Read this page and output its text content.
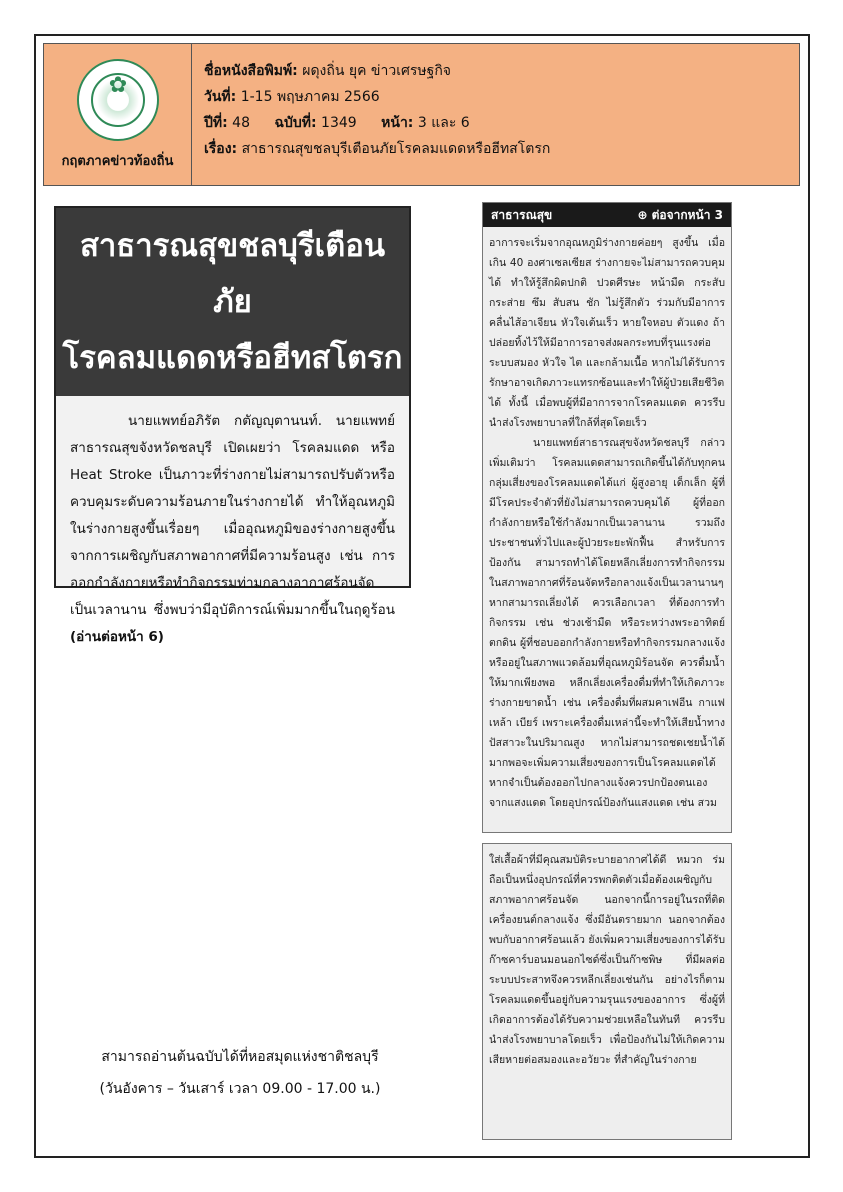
✿
กฤตภาคข่าวท้องถิ่น
ชื่อหนังสือพิมพ์: ผดุงถิ่น ยุค ข่าวเศรษฐกิจ
วันที่: 1-15 พฤษภาคม 2566
ปีที่: 48 ฉบับที่: 1349 หน้า: 3 และ 6
เรื่อง: สาธารณสุขชลบุรีเตือนภัยโรคลมแดดหรือฮีทสโตรก
สาธารณสุขชลบุรีเตือนภัย
โรคลมแดดหรือฮีทสโตรก
นายแพทย์อภิรัต กตัญญุตานนท์. นายแพทย์สาธารณสุขจังหวัดชลบุรี เปิดเผยว่า โรคลมแดด หรือ Heat Stroke เป็นภาวะที่ร่างกายไม่สามารถปรับตัวหรือควบคุมระดับความร้อนภายในร่างกายได้ ทำให้อุณหภูมิในร่างกายสูงขึ้นเรื่อยๆ เมื่ออุณหภูมิของร่างกายสูงขึ้นจากการเผชิญกับสภาพอากาศที่มีความร้อนสูง เช่น การออกกำลังกายหรือทำกิจกรรมท่ามกลางอากาศร้อนจัดเป็นเวลานาน ซึ่งพบว่ามีอุบัติการณ์เพิ่มมากขึ้นในฤดูร้อน (อ่านต่อหน้า 6)
สามารถอ่านต้นฉบับได้ที่หอสมุดแห่งชาติชลบุรี
(วันอังคาร – วันเสาร์ เวลา 09.00 - 17.00 น.)
สาธารณสุข	⊕ ต่อจากหน้า 3

อาการจะเริ่มจากอุณหภูมิร่างกายค่อยๆ สูงขึ้น เมื่อเกิน 40 องศาเซลเซียส ร่างกายจะไม่สามารถควบคุมได้ ทำให้รู้สึกผิดปกติ ปวดศีรษะ หน้ามืด กระสับกระส่าย ซึม สับสน ชัก ไม่รู้สึกตัว ร่วมกับมีอาการคลื่นไส้อาเจียน หัวใจเต้นเร็ว หายใจหอบ ตัวแดง ถ้าปล่อยทิ้งไว้ให้มีอาการอาจส่งผลกระทบที่รุนแรงต่อระบบสมอง หัวใจ ไต และกล้ามเนื้อ หากไม่ได้รับการรักษาอาจเกิดภาวะแทรกซ้อนและทำให้ผู้ป่วยเสียชีวิตได้ ทั้งนี้ เมื่อพบผู้ที่มีอาการจากโรคลมแดด ควรรีบนำส่งโรงพยาบาลที่ใกล้ที่สุดโดยเร็ว

นายแพทย์สาธารณสุขจังหวัดชลบุรี กล่าวเพิ่มเติมว่า โรคลมแดดสามารถเกิดขึ้นได้กับทุกคน กลุ่มเสี่ยงของโรคลมแดดได้แก่ ผู้สูงอายุ เด็กเล็ก ผู้ที่มีโรคประจำตัวที่ยังไม่สามารถควบคุมได้ ผู้ที่ออกกำลังกายหรือใช้กำลังมากเป็นเวลานาน รวมถึงประชาชนทั่วไปและผู้ป่วยระยะพักฟื้น สำหรับการป้องกัน สามารถทำได้โดยหลีกเลี่ยงการทำกิจกรรมในสภาพอากาศที่ร้อนจัดหรือกลางแจ้งเป็นเวลานานๆ หากสามารถเลี่ยงได้ ควรเลือกเวลา ที่ต้องการทำกิจกรรม เช่น ช่วงเช้ามืด หรือระหว่างพระอาทิตย์ตกดิน ผู้ที่ชอบออกกำลังกายหรือทำกิจกรรมกลางแจ้งหรืออยู่ในสภาพแวดล้อมที่อุณหภูมิร้อนจัด ควรดื่มน้ำให้มากเพียงพอ หลีกเลี่ยงเครื่องดื่มที่ทำให้เกิดภาวะร่างกายขาดน้ำ เช่น เครื่องดื่มที่ผสมคาเฟอีน กาแฟ เหล้า เบียร์ เพราะเครื่องดื่มเหล่านี้จะทำให้เสียน้ำทางปัสสาวะในปริมาณสูง หากไม่สามารถชดเชยน้ำได้มากพอจะเพิ่มความเสี่ยงของการเป็นโรคลมแดดได้ หากจำเป็นต้องออกไปกลางแจ้งควรปกป้องตนเองจากแสงแดด โดยอุปกรณ์ป้องกันแสงแดด เช่น สวม

ใส่เสื้อผ้าที่มีคุณสมบัติระบายอากาศได้ดี หมวก ร่ม ถือเป็นหนึ่งอุปกรณ์ที่ควรพกติดตัวเมื่อต้องเผชิญกับสภาพอากาศร้อนจัด นอกจากนี้การอยู่ในรถที่ติดเครื่องยนต์กลางแจ้ง ซึ่งมีอันตรายมาก นอกจากต้องพบกับอากาศร้อนแล้ว ยังเพิ่มความเสี่ยงของการได้รับก๊าซคาร์บอนมอนอกไซด์ซึ่งเป็นก๊าซพิษ ที่มีผลต่อระบบประสาทจึงควรหลีกเลี่ยงเช่นกัน อย่างไรก็ตามโรคลมแดดขึ้นอยู่กับความรุนแรงของอาการ ซึ่งผู้ที่เกิดอาการต้องได้รับความช่วยเหลือในทันที ควรรีบนำส่งโรงพยาบาลโดยเร็ว เพื่อป้องกันไม่ให้เกิดความเสียหายต่อสมองและอวัยวะ ที่สำคัญในร่างกาย
